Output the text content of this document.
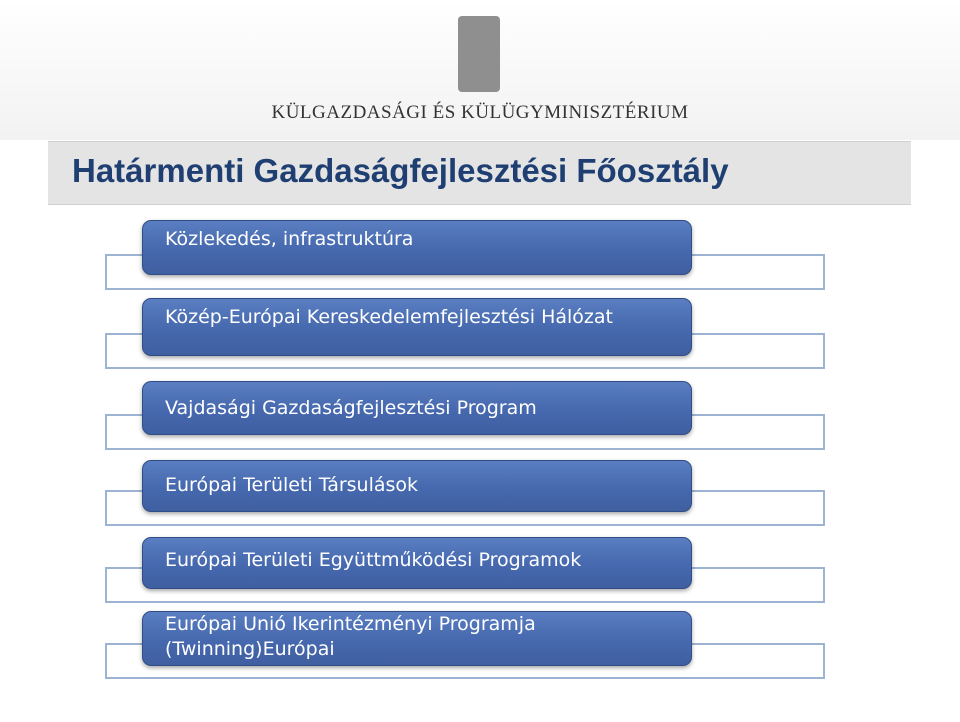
KÜLGAZDASÁGI ÉS KÜLÜGYMINISZTÉRIUM
Határmenti Gazdaságfejlesztési Főosztály
Közlekedés, infrastruktúra
Közép-Európai Kereskedelemfejlesztési Hálózat
Vajdasági Gazdaságfejlesztési Program
Európai Területi Társulások
Európai Területi Együttműködési Programok
Európai Unió Ikerintézményi Programja (Twinning)Európai
